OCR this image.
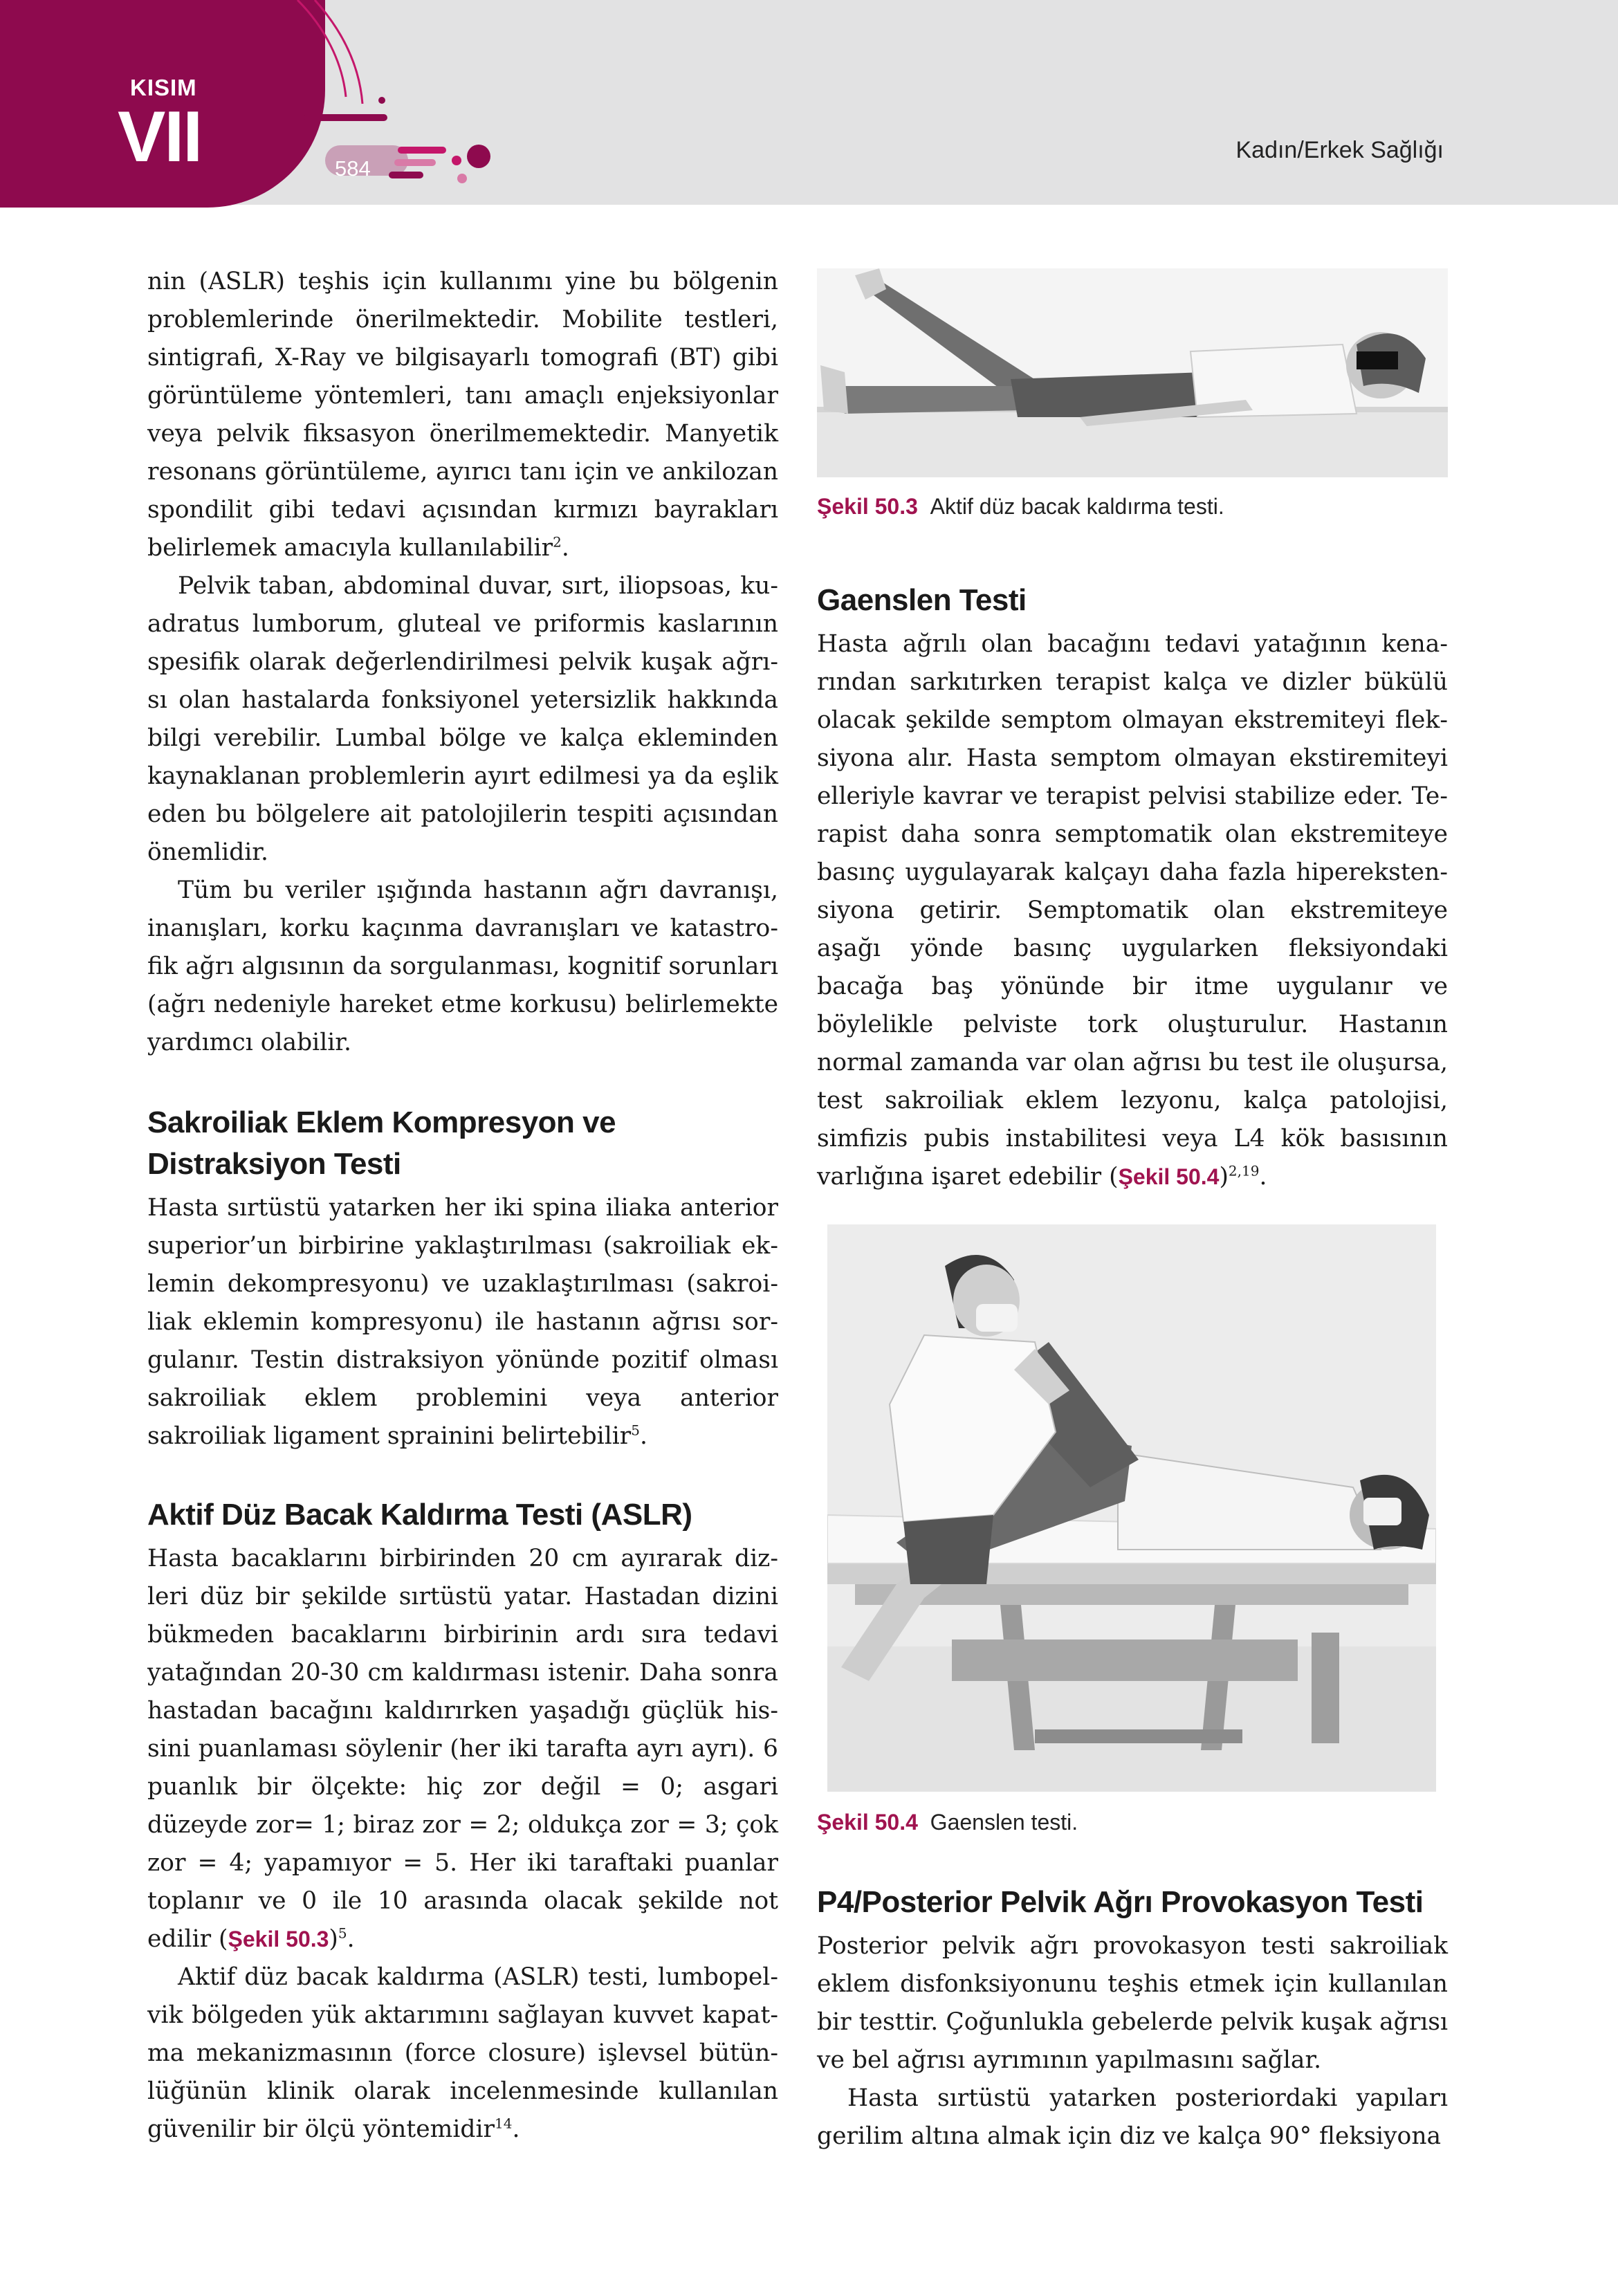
KISIM
VII	584
Kadın/Erkek Sağlığı

nin (ASLR) teşhis için kullanımı yine bu bölgenin problemlerinde önerilmektedir. Mobilite testleri, sintigrafi, X-Ray ve bilgisayarlı tomografi (BT) gibi görüntüleme yöntemleri, tanı amaçlı enjeksiyonlar veya pelvik fiksasyon önerilmemektedir. Manyetik resonans görüntüleme, ayırıcı tanı için ve ankilozan spondilit gibi tedavi açısından kırmızı bayrakları belirlemek amacıyla kullanılabilir$^2$.

Pelvik taban, abdominal duvar, sırt, iliopsoas, kuadratus lumborum, gluteal ve priformis kaslarının spesifik olarak değerlendirilmesi pelvik kuşak ağrısı olan hastalarda fonksiyonel yetersizlik hakkında bilgi verebilir. Lumbal bölge ve kalça ekleminden kaynaklanan problemlerin ayırt edilmesi ya da eşlik eden bu bölgelere ait patolojilerin tespiti açısından önemlidir.

Tüm bu veriler ışığında hastanın ağrı davranışı, inanışları, korku kaçınma davranışları ve katastrofik ağrı algısının da sorgulanması, kognitif sorunları (ağrı nedeniyle hareket etme korkusu) belirlemekte yardımcı olabilir.

Sakroiliak Eklem Kompresyon ve
Distraksiyon Testi

Hasta sırtüstü yatarken her iki spina iliaka anterior superior’un birbirine yaklaştırılması (sakroiliak eklemin dekompresyonu) ve uzaklaştırılması (sakroiliak eklemin kompresyonu) ile hastanın ağrısı sorgulanır. Testin distraksiyon yönünde pozitif olması sakroiliak eklem problemini veya anterior sakroiliak ligament sprainini belirtebilir$^5$.

Aktif Düz Bacak Kaldırma Testi (ASLR)

Hasta bacaklarını birbirinden 20 cm ayırarak dizleri düz bir şekilde sırtüstü yatar. Hastadan dizini bükmeden bacaklarını birbirinin ardı sıra tedavi yatağından 20-30 cm kaldırması istenir. Daha sonra hastadan bacağını kaldırırken yaşadığı güçlük hissini puanlaması söylenir (her iki tarafta ayrı ayrı). 6 puanlık bir ölçekte: hiç zor değil = 0; asgari düzeyde zor= 1; biraz zor = 2; oldukça zor = 3; çok zor = 4; yapamıyor = 5. Her iki taraftaki puanlar toplanır ve 0 ile 10 arasında olacak şekilde not edilir (Şekil 50.3)$^5$.

Aktif düz bacak kaldırma (ASLR) testi, lumbopelvik bölgeden yük aktarımını sağlayan kuvvet kapatma mekanizmasının (force closure) işlevsel bütünlüğünün klinik olarak incelenmesinde kullanılan güvenilir bir ölçü yöntemidir$^{14}$.

Şekil 50.3 Aktif düz bacak kaldırma testi.

Gaenslen Testi

Hasta ağrılı olan bacağını tedavi yatağının kenarından sarkıtırken terapist kalça ve dizler bükülü olacak şekilde semptom olmayan ekstremiteyi fleksiyona alır. Hasta semptom olmayan ekstiremiteyi elleriyle kavrar ve terapist pelvisi stabilize eder. Terapist daha sonra semptomatik olan ekstremiteye basınç uygulayarak kalçayı daha fazla hiperekstensiyona getirir. Semptomatik olan ekstremiteye aşağı yönde basınç uygularken fleksiyondaki bacağa baş yönünde bir itme uygulanır ve böylelikle pelviste tork oluşturulur. Hastanın normal zamanda var olan ağrısı bu test ile oluşursa, test sakroiliak eklem lezyonu, kalça patolojisi, simfizis pubis instabilitesi veya L4 kök basısının varlığına işaret edebilir (Şekil 50.4)$^{2,19}$.

Şekil 50.4 Gaenslen testi.

P4/Posterior Pelvik Ağrı Provokasyon Testi

Posterior pelvik ağrı provokasyon testi sakroiliak eklem disfonksiyonunu teşhis etmek için kullanılan bir testtir. Çoğunlukla gebelerde pelvik kuşak ağrısı ve bel ağrısı ayrımının yapılmasını sağlar.

Hasta sırtüstü yatarken posteriordaki yapıları gerilim altına almak için diz ve kalça 90° fleksiyona
